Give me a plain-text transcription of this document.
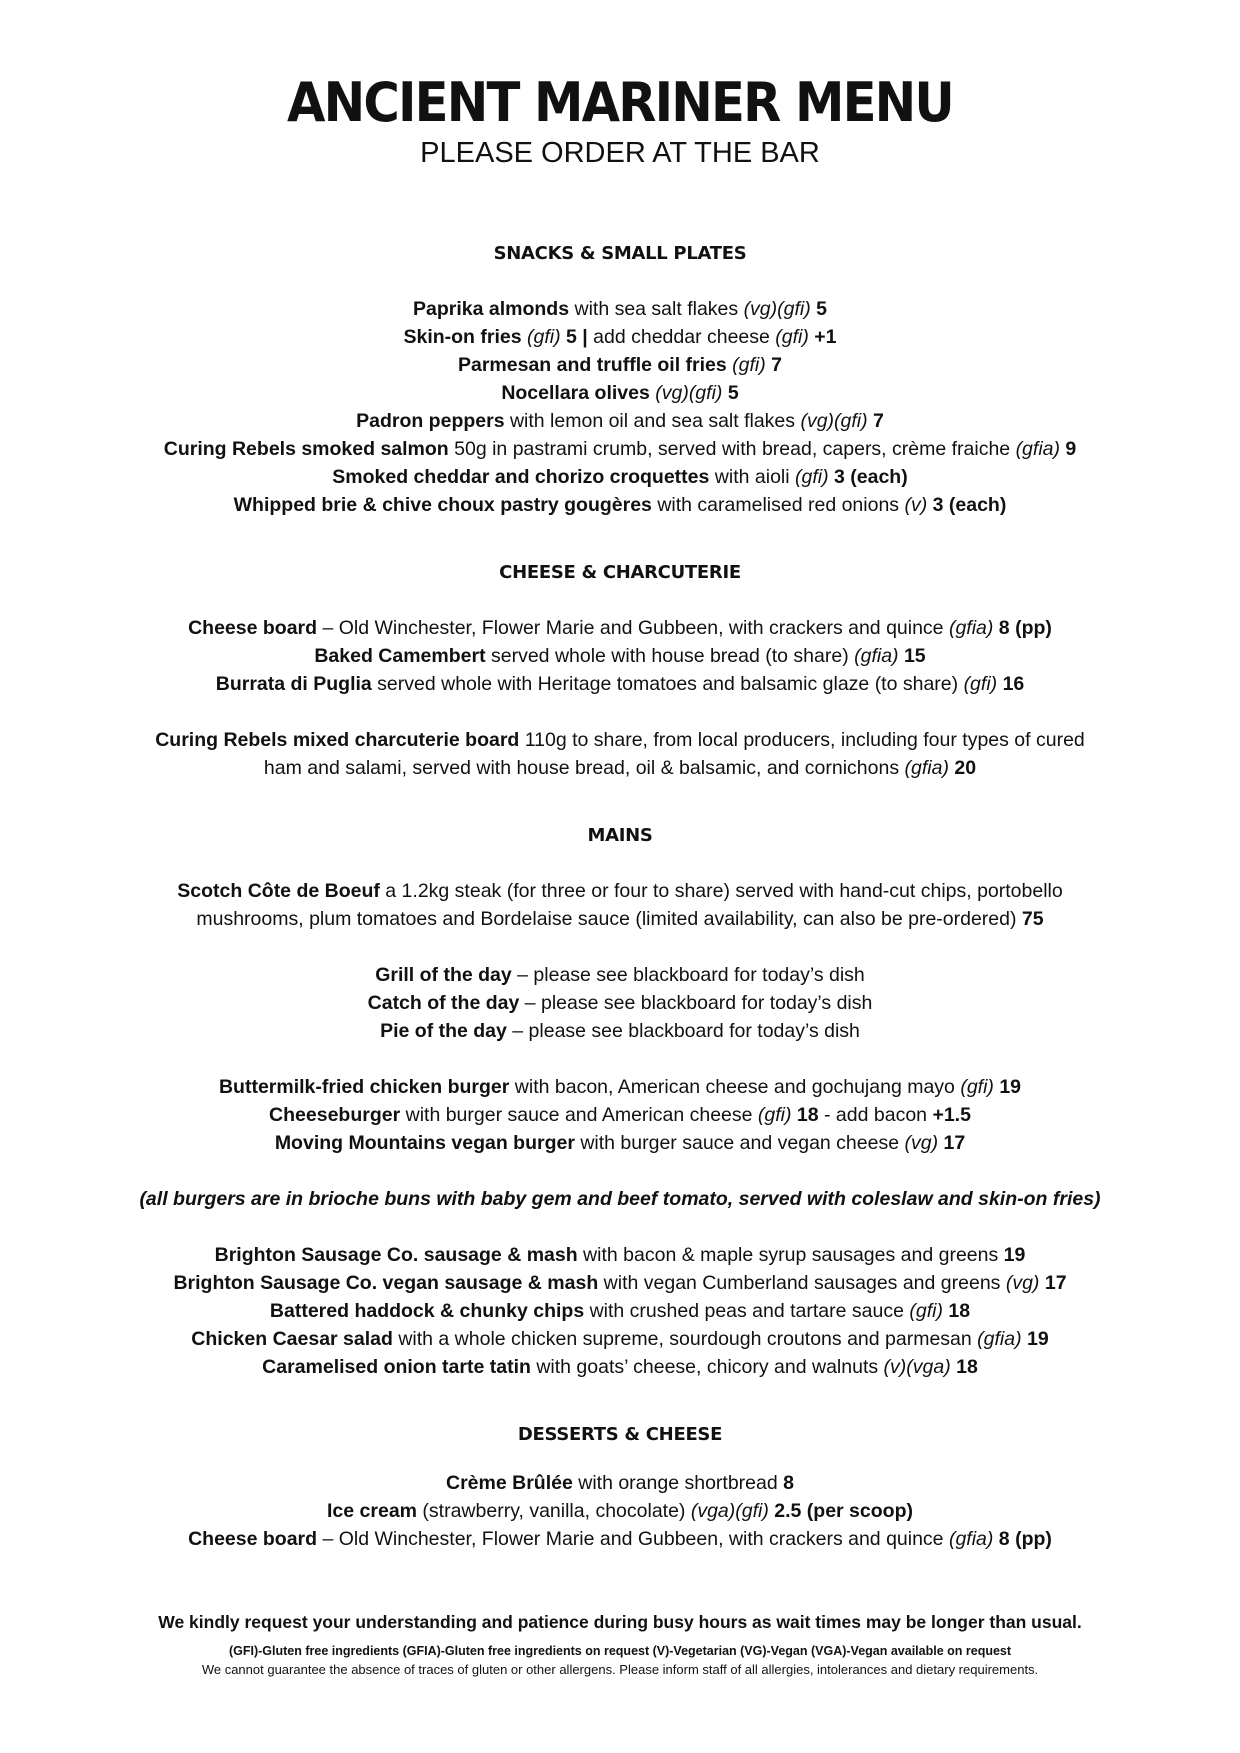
ANCIENT MARINER MENU
PLEASE ORDER AT THE BAR
SNACKS & SMALL PLATES
Paprika almonds with sea salt flakes (vg)(gfi) 5
Skin-on fries (gfi) 5 | add cheddar cheese (gfi) +1
Parmesan and truffle oil fries (gfi) 7
Nocellara olives (vg)(gfi) 5
Padron peppers with lemon oil and sea salt flakes (vg)(gfi) 7
Curing Rebels smoked salmon 50g in pastrami crumb, served with bread, capers, crème fraiche (gfia) 9
Smoked cheddar and chorizo croquettes with aioli (gfi) 3 (each)
Whipped brie & chive choux pastry gougères with caramelised red onions (v) 3 (each)
CHEESE & CHARCUTERIE
Cheese board – Old Winchester, Flower Marie and Gubbeen, with crackers and quince (gfia) 8 (pp)
Baked Camembert served whole with house bread (to share) (gfia) 15
Burrata di Puglia served whole with Heritage tomatoes and balsamic glaze (to share) (gfi) 16
Curing Rebels mixed charcuterie board 110g to share, from local producers, including four types of cured
ham and salami, served with house bread, oil & balsamic, and cornichons (gfia) 20
MAINS
Scotch Côte de Boeuf a 1.2kg steak (for three or four to share) served with hand-cut chips, portobello
mushrooms, plum tomatoes and Bordelaise sauce (limited availability, can also be pre-ordered) 75
Grill of the day – please see blackboard for today’s dish
Catch of the day – please see blackboard for today’s dish
Pie of the day – please see blackboard for today’s dish
Buttermilk-fried chicken burger with bacon, American cheese and gochujang mayo (gfi) 19
Cheeseburger with burger sauce and American cheese (gfi) 18 - add bacon +1.5
Moving Mountains vegan burger with burger sauce and vegan cheese (vg) 17
(all burgers are in brioche buns with baby gem and beef tomato, served with coleslaw and skin-on fries)
Brighton Sausage Co. sausage & mash with bacon & maple syrup sausages and greens 19
Brighton Sausage Co. vegan sausage & mash with vegan Cumberland sausages and greens (vg) 17
Battered haddock & chunky chips with crushed peas and tartare sauce (gfi) 18
Chicken Caesar salad with a whole chicken supreme, sourdough croutons and parmesan (gfia) 19
Caramelised onion tarte tatin with goats’ cheese, chicory and walnuts (v)(vga) 18
DESSERTS & CHEESE
Crème Brûlée with orange shortbread 8
Ice cream (strawberry, vanilla, chocolate) (vga)(gfi) 2.5 (per scoop)
Cheese board – Old Winchester, Flower Marie and Gubbeen, with crackers and quince (gfia) 8 (pp)
We kindly request your understanding and patience during busy hours as wait times may be longer than usual.
(GFI)-Gluten free ingredients (GFIA)-Gluten free ingredients on request (V)-Vegetarian (VG)-Vegan (VGA)-Vegan available on request
We cannot guarantee the absence of traces of gluten or other allergens. Please inform staff of all allergies, intolerances and dietary requirements.
